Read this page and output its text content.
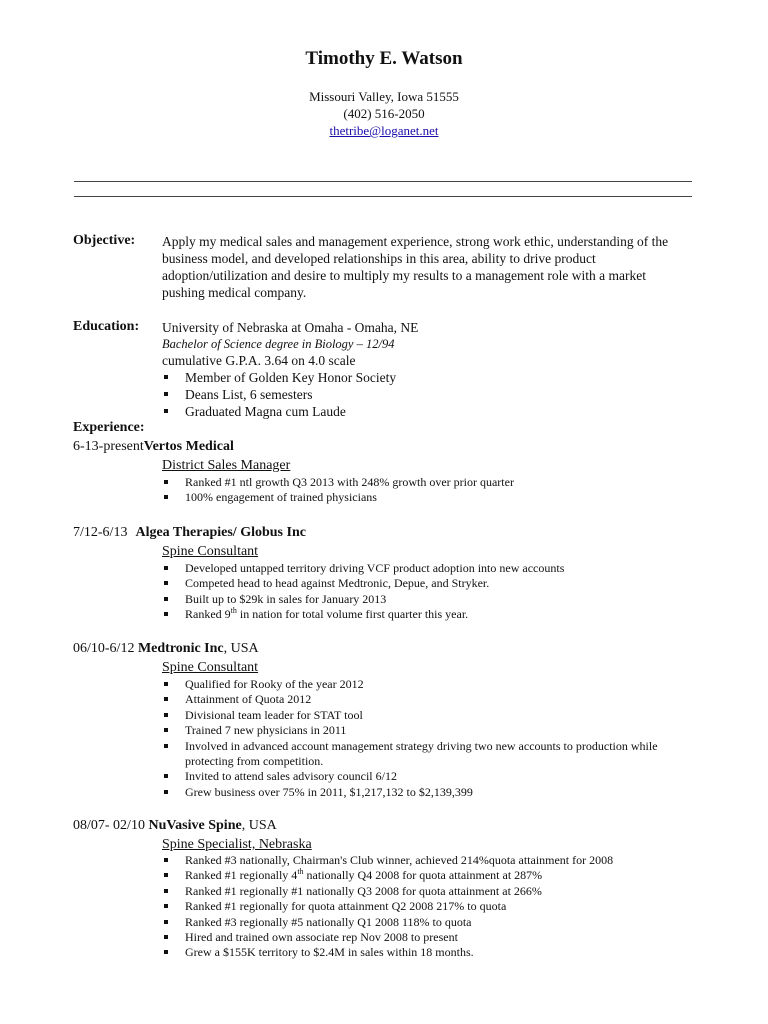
Timothy E. Watson
Missouri Valley, Iowa 51555
(402) 516-2050
thetribe@loganet.net
Objective: Apply my medical sales and management experience, strong work ethic, understanding of the
business model, and developed relationships in this area, ability to drive product
adoption/utilization and desire to multiply my results to a management role with a market
pushing medical company.
Education: University of Nebraska at Omaha - Omaha, NE
Bachelor of Science degree in Biology – 12/94
cumulative G.P.A. 3.64 on 4.0 scale
Member of Golden Key Honor Society
Deans List, 6 semesters
Graduated Magna cum Laude
Experience:
6-13-presentVertos Medical
District Sales Manager
Ranked #1 ntl growth Q3 2013 with 248% growth over prior quarter
100% engagement of trained physicians
7/12-6/13 Algea Therapies/ Globus Inc
Spine Consultant
Developed untapped territory driving VCF product adoption into new accounts
Competed head to head against Medtronic, Depue, and Stryker.
Built up to $29k in sales for January 2013
Ranked 9th in nation for total volume first quarter this year.
06/10-6/12 Medtronic Inc, USA
Spine Consultant
Qualified for Rooky of the year 2012
Attainment of Quota 2012
Divisional team leader for STAT tool
Trained 7 new physicians in 2011
Involved in advanced account management strategy driving two new accounts to production while
protecting from competition.
Invited to attend sales advisory council 6/12
Grew business over 75% in 2011, $1,217,132 to $2,139,399
08/07- 02/10 NuVasive Spine, USA
Spine Specialist, Nebraska
Ranked #3 nationally, Chairman's Club winner, achieved 214%quota attainment for 2008
Ranked #1 regionally 4th nationally Q4 2008 for quota attainment at 287%
Ranked #1 regionally #1 nationally Q3 2008 for quota attainment at 266%
Ranked #1 regionally for quota attainment Q2 2008 217% to quota
Ranked #3 regionally #5 nationally Q1 2008 118% to quota
Hired and trained own associate rep Nov 2008 to present
Grew a $155K territory to $2.4M in sales within 18 months.
